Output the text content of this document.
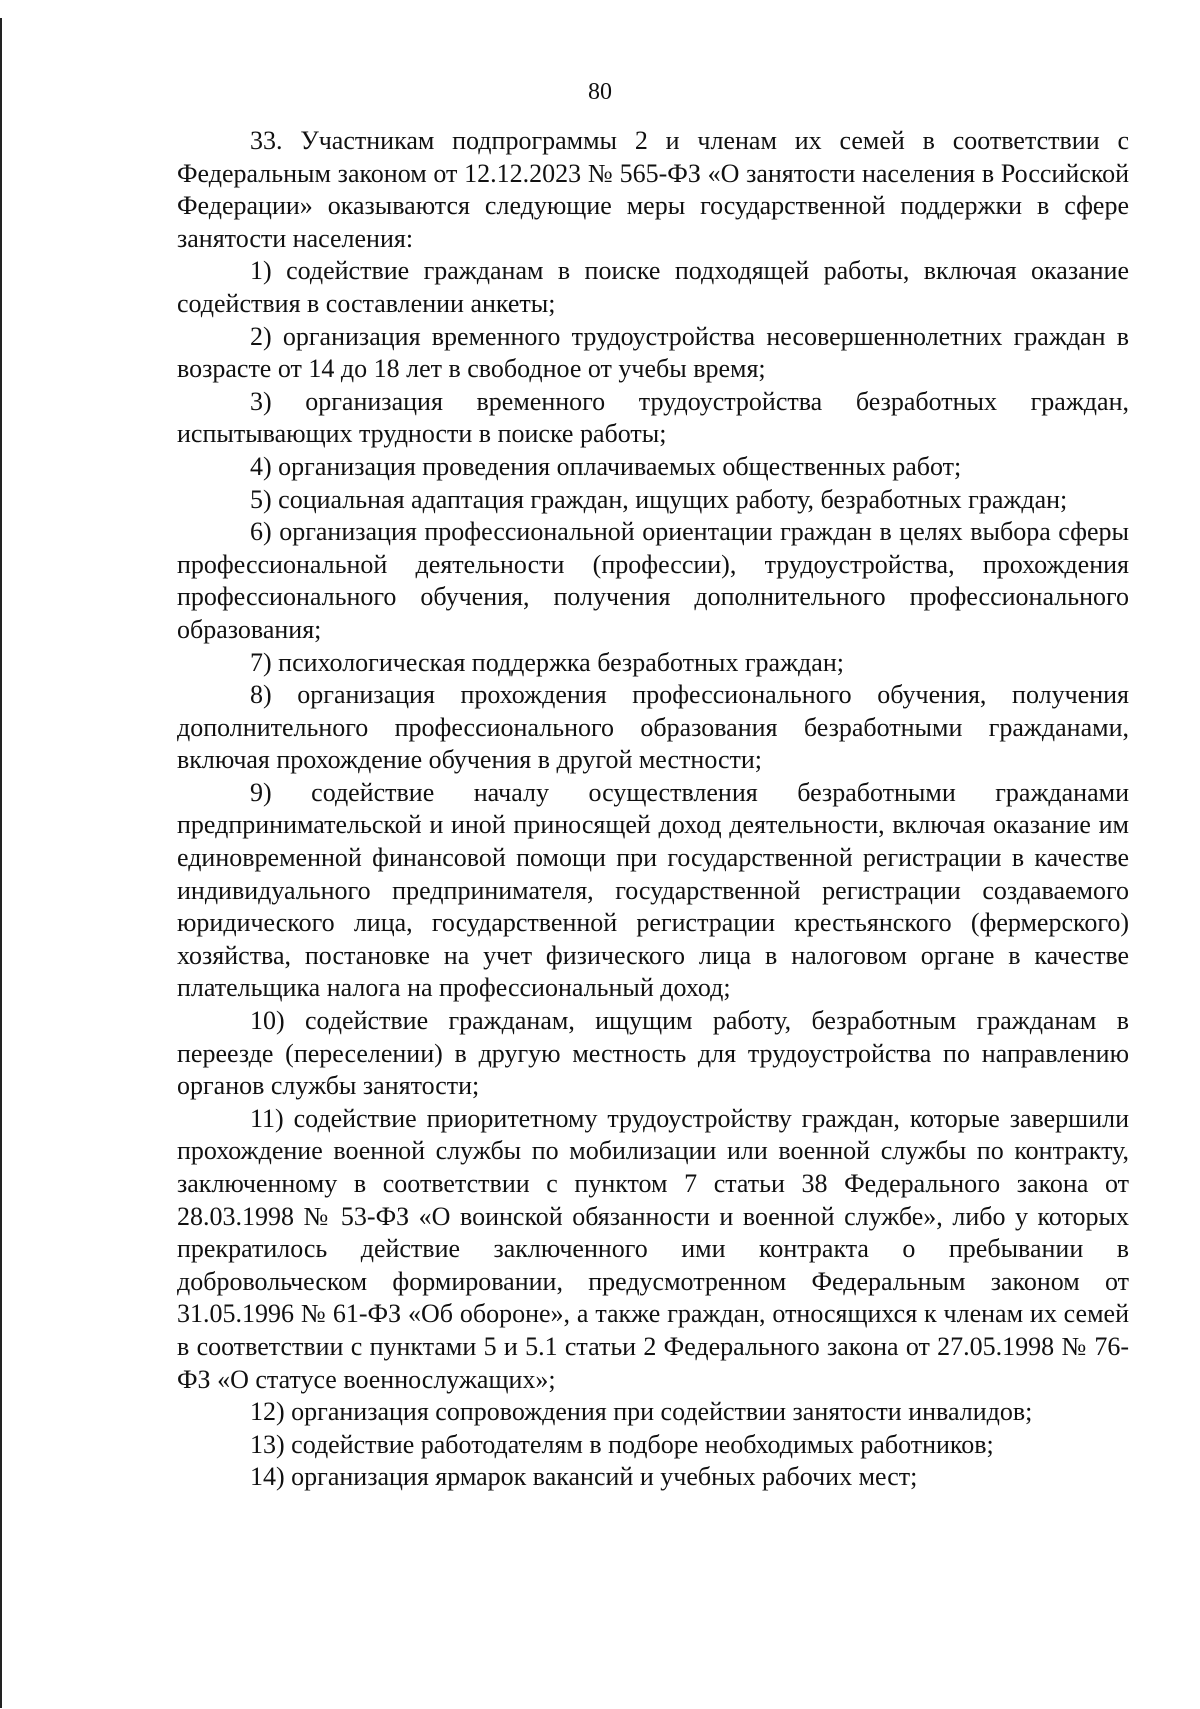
80

33. Участникам подпрограммы 2 и членам их семей в соответствии с Федеральным законом от 12.12.2023 № 565-ФЗ «О занятости населения в Российской Федерации» оказываются следующие меры государственной поддержки в сфере занятости населения:

1) содействие гражданам в поиске подходящей работы, включая оказание содействия в составлении анкеты;

2) организация временного трудоустройства несовершеннолетних граждан в возрасте от 14 до 18 лет в свободное от учебы время;

3) организация временного трудоустройства безработных граждан, испытывающих трудности в поиске работы;

4) организация проведения оплачиваемых общественных работ;

5) социальная адаптация граждан, ищущих работу, безработных граждан;

6) организация профессиональной ориентации граждан в целях выбора сферы профессиональной деятельности (профессии), трудоустройства, прохождения профессионального обучения, получения дополнительного профессионального образования;

7) психологическая поддержка безработных граждан;

8) организация прохождения профессионального обучения, получения дополнительного профессионального образования безработными гражданами, включая прохождение обучения в другой местности;

9) содействие началу осуществления безработными гражданами предпринимательской и иной приносящей доход деятельности, включая оказание им единовременной финансовой помощи при государственной регистрации в качестве индивидуального предпринимателя, государственной регистрации создаваемого юридического лица, государственной регистрации крестьянского (фермерского) хозяйства, постановке на учет физического лица в налоговом органе в качестве плательщика налога на профессиональный доход;

10) содействие гражданам, ищущим работу, безработным гражданам в переезде (переселении) в другую местность для трудоустройства по направлению органов службы занятости;

11) содействие приоритетному трудоустройству граждан, которые завершили прохождение военной службы по мобилизации или военной службы по контракту, заключенному в соответствии с пунктом 7 статьи 38 Федерального закона от 28.03.1998 № 53-ФЗ «О воинской обязанности и военной службе», либо у которых прекратилось действие заключенного ими контракта о пребывании в добровольческом формировании, предусмотренном Федеральным законом от 31.05.1996 № 61-ФЗ «Об обороне», а также граждан, относящихся к членам их семей в соответствии с пунктами 5 и 5.1 статьи 2 Федерального закона от 27.05.1998 № 76-ФЗ «О статусе военнослужащих»;

12) организация сопровождения при содействии занятости инвалидов;

13) содействие работодателям в подборе необходимых работников;

14) организация ярмарок вакансий и учебных рабочих мест;
